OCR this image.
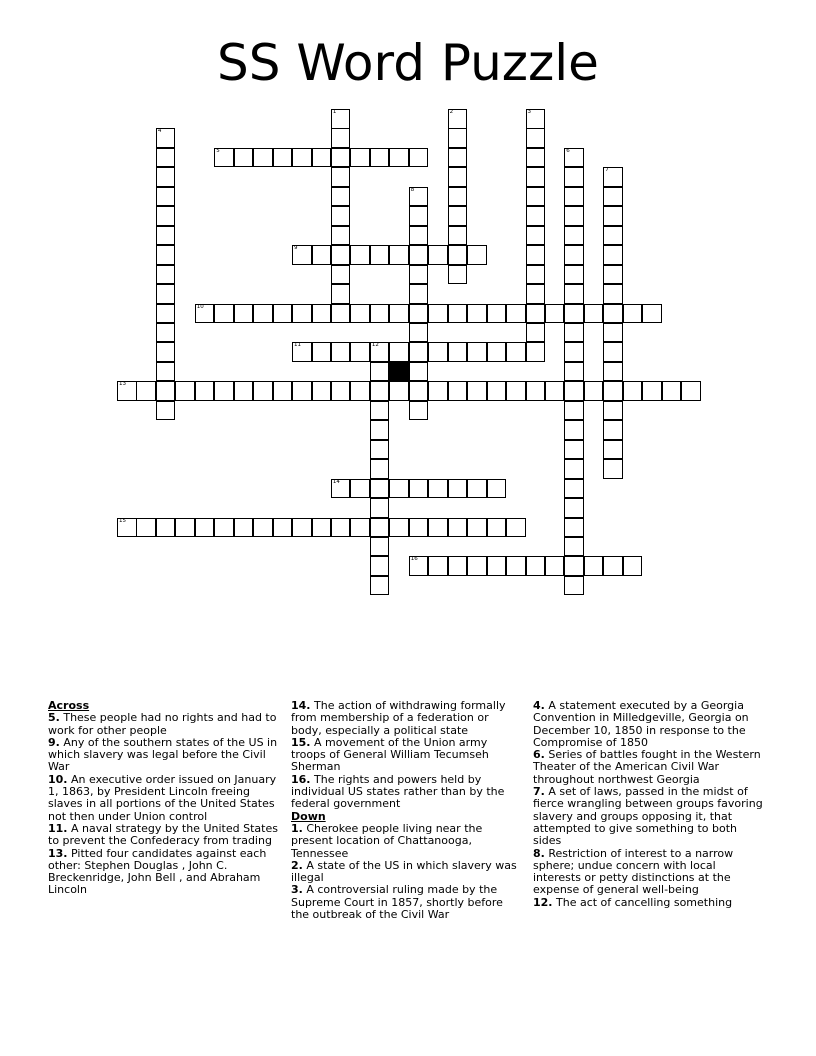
SS Word Puzzle
5
9
10
11	12
13
14
15
16
1	2	3
4
6
7
8
Across
5. These people had no rights and had to work for other people
9. Any of the southern states of the US in which slavery was legal before the Civil War
10. An executive order issued on January 1, 1863, by President Lincoln freeing slaves in all portions of the United States not then under Union control
11. A naval strategy by the United States to prevent the Confederacy from trading
13. Pitted four candidates against each other: Stephen Douglas , John C. Breckenridge, John Bell , and Abraham Lincoln
14. The action of withdrawing formally from membership of a federation or body, especially a political state
15. A movement of the Union army troops of General William Tecumseh Sherman
16. The rights and powers held by individual US states rather than by the federal government
Down
1. Cherokee people living near the present location of Chattanooga, Tennessee
2. A state of the US in which slavery was illegal
3. A controversial ruling made by the Supreme Court in 1857, shortly before the outbreak of the Civil War
4. A statement executed by a Georgia Convention in Milledgeville, Georgia on December 10, 1850 in response to the Compromise of 1850
6. Series of battles fought in the Western Theater of the American Civil War throughout northwest Georgia
7. A set of laws, passed in the midst of fierce wrangling between groups favoring slavery and groups opposing it, that attempted to give something to both sides
8. Restriction of interest to a narrow sphere; undue concern with local interests or petty distinctions at the expense of general well-being
12. The act of cancelling something
